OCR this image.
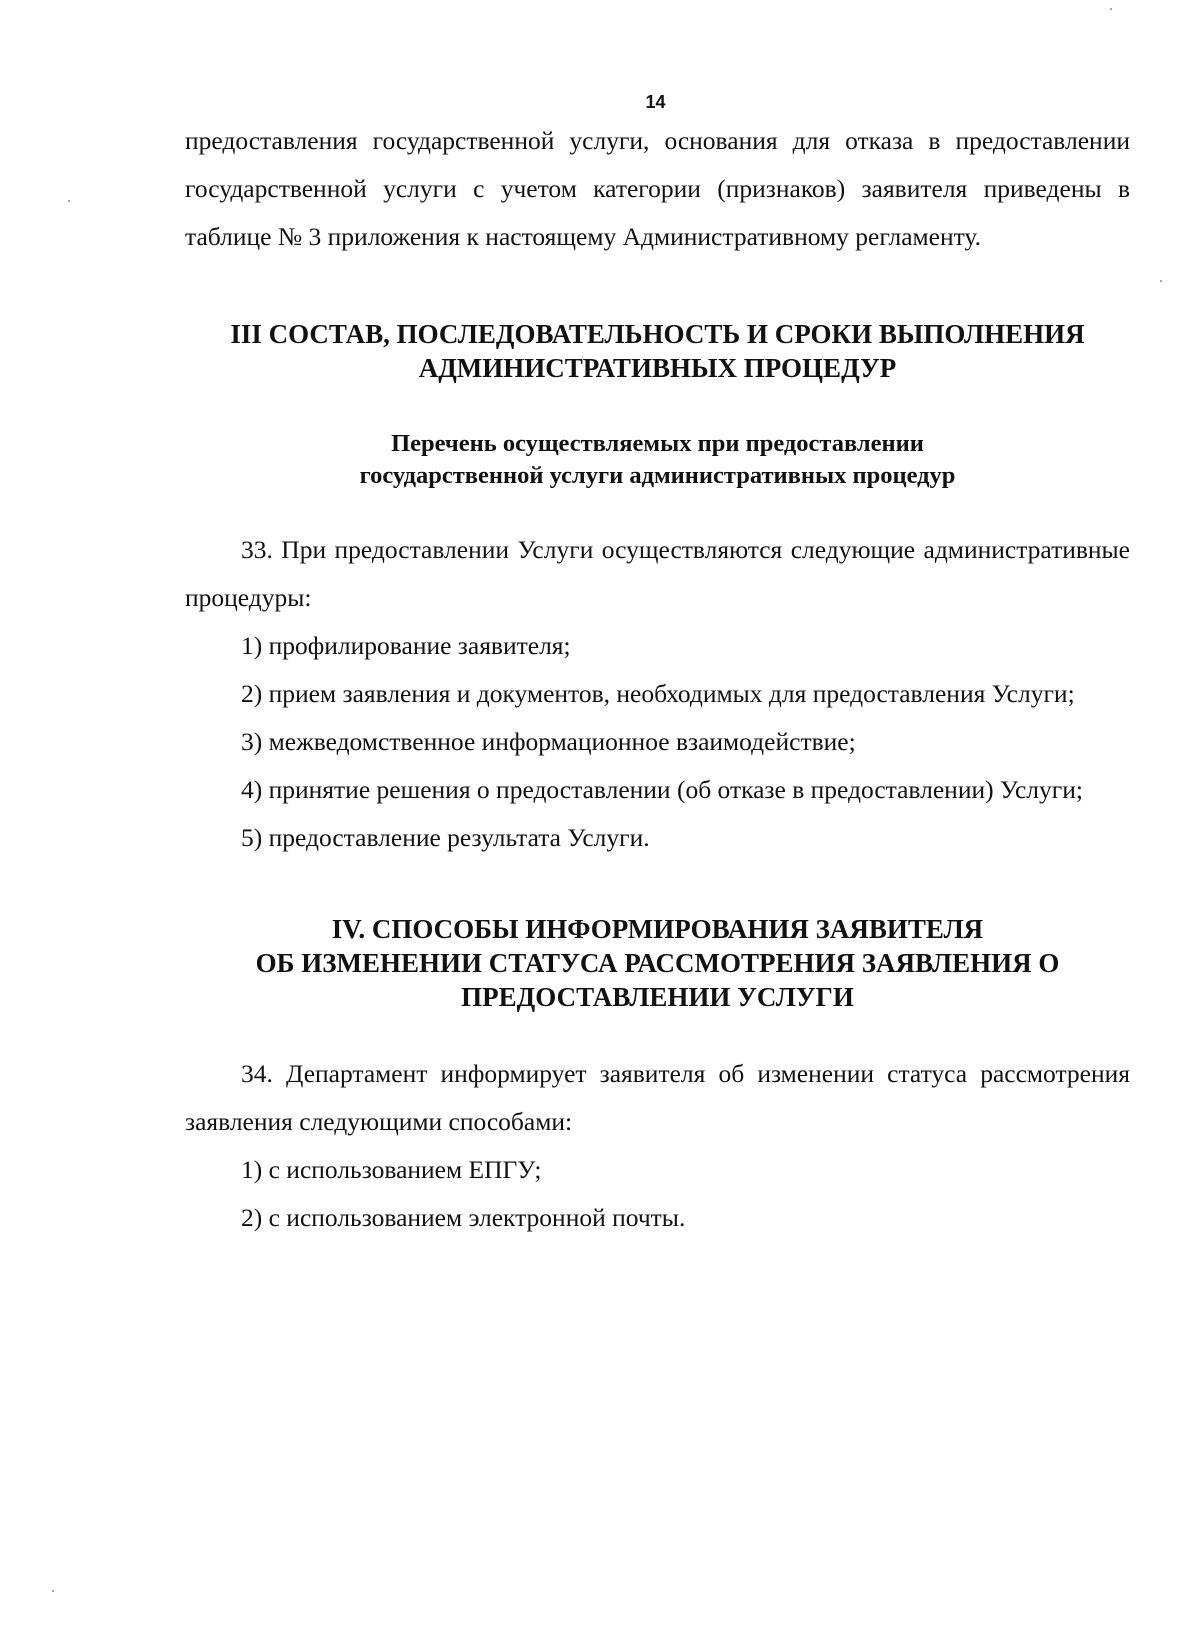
14

предоставления государственной услуги, основания для отказа в предоставлении государственной услуги с учетом категории (признаков) заявителя приведены в таблице № 3 приложения к настоящему Административному регламенту.

III СОСТАВ, ПОСЛЕДОВАТЕЛЬНОСТЬ И СРОКИ ВЫПОЛНЕНИЯ
АДМИНИСТРАТИВНЫХ ПРОЦЕДУР
Перечень осуществляемых при предоставлении
государственной услуги административных процедур

33. При предоставлении Услуги осуществляются следующие административные процедуры:

1) профилирование заявителя;

2) прием заявления и документов, необходимых для предоставления Услуги;

3) межведомственное информационное взаимодействие;

4) принятие решения о предоставлении (об отказе в предоставлении) Услуги;

5) предоставление результата Услуги.

IV. СПОСОБЫ ИНФОРМИРОВАНИЯ ЗАЯВИТЕЛЯ
ОБ ИЗМЕНЕНИИ СТАТУСА РАССМОТРЕНИЯ ЗАЯВЛЕНИЯ О
ПРЕДОСТАВЛЕНИИ УСЛУГИ

34. Департамент информирует заявителя об изменении статуса рассмотрения заявления следующими способами:

1) с использованием ЕПГУ;

2) с использованием электронной почты.
